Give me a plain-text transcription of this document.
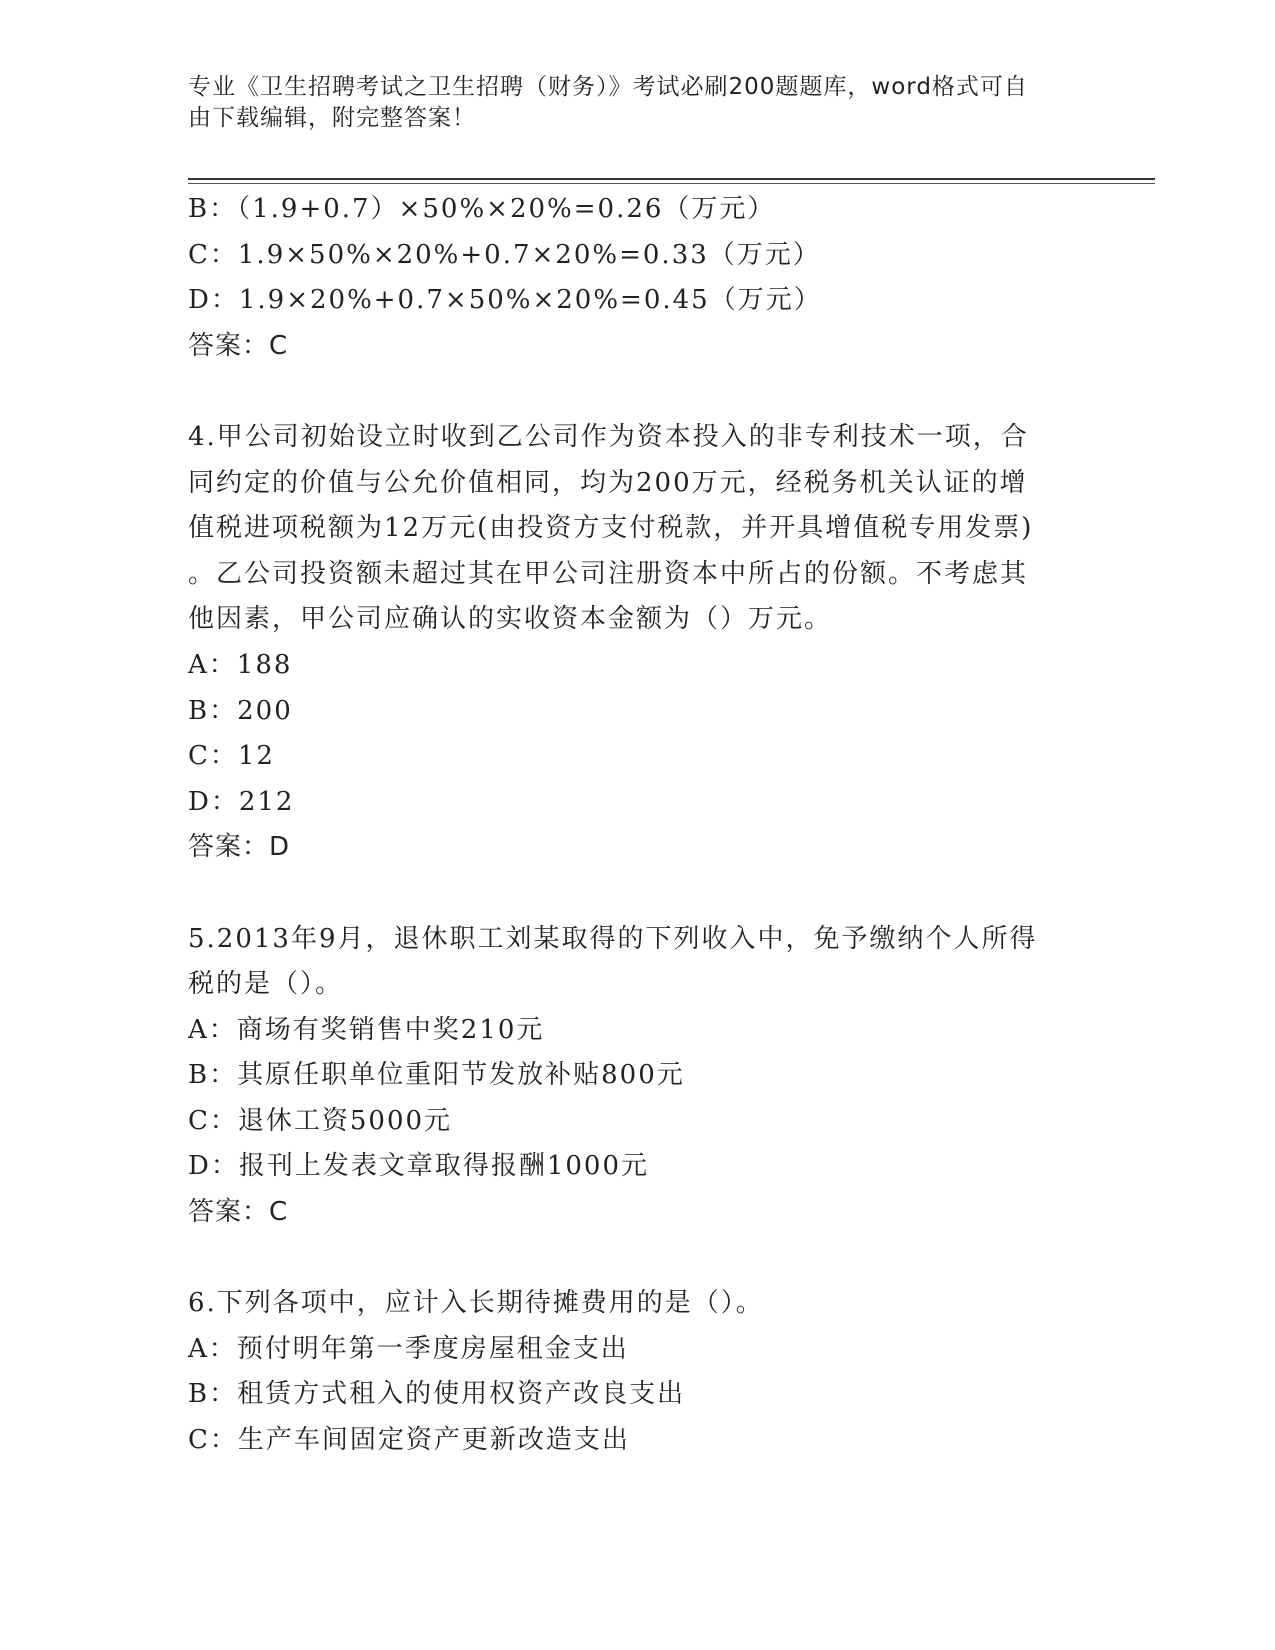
专业《卫生招聘考试之卫生招聘（财务）》考试必刷200题题库，word格式可自
由下载编辑，附完整答案！
B：（1.9+0.7）×50%×20%=0.26（万元）
C：1.9×50%×20%+0.7×20%=0.33（万元）
D：1.9×20%+0.7×50%×20%=0.45（万元）
答案：C
4.甲公司初始设立时收到乙公司作为资本投入的非专利技术一项，合
同约定的价值与公允价值相同，均为200万元，经税务机关认证的增
值税进项税额为12万元(由投资方支付税款，并开具增值税专用发票)
。乙公司投资额未超过其在甲公司注册资本中所占的份额。不考虑其
他因素，甲公司应确认的实收资本金额为（）万元。
A：188
B：200
C：12
D：212
答案：D
5.2013年9月，退休职工刘某取得的下列收入中，免予缴纳个人所得
税的是（）。
A：商场有奖销售中奖210元
B：其原任职单位重阳节发放补贴800元
C：退休工资5000元
D：报刊上发表文章取得报酬1000元
答案：C
6.下列各项中，应计入长期待摊费用的是（）。
A：预付明年第一季度房屋租金支出
B：租赁方式租入的使用权资产改良支出
C：生产车间固定资产更新改造支出
